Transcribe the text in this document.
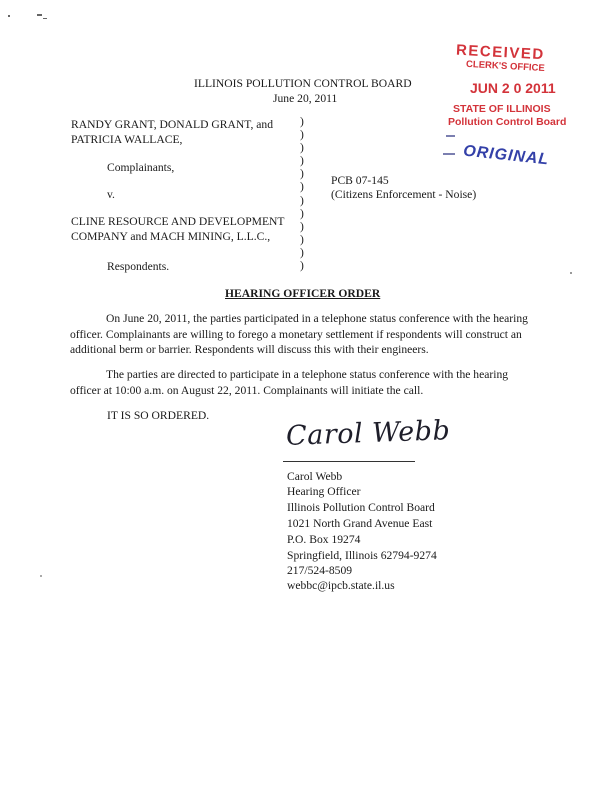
RECEIVED
CLERK'S OFFICE
JUN 2 0 2011
STATE OF ILLINOIS
Pollution Control Board
ORIGINAL
ILLINOIS POLLUTION CONTROL BOARD
June 20, 2011
RANDY GRANT, DONALD GRANT, and
PATRICIA WALLACE,
Complainants,
v.
CLINE RESOURCE AND DEVELOPMENT
COMPANY and MACH MINING, L.L.C.,
Respondents.
)
)
)
)
)
)
)
)
)
)
)
)
PCB 07-145
(Citizens Enforcement - Noise)
HEARING OFFICER ORDER
On June 20, 2011, the parties participated in a telephone status conference with the hearing officer. Complainants are willing to forego a monetary settlement if respondents will construct an additional berm or barrier. Respondents will discuss this with their engineers.
The parties are directed to participate in a telephone status conference with the hearing officer at 10:00 a.m. on August 22, 2011. Complainants will initiate the call.
IT IS SO ORDERED.	Carol Webb
Carol Webb
Hearing Officer
Illinois Pollution Control Board
1021 North Grand Avenue East
P.O. Box 19274
Springfield, Illinois 62794-9274
217/524-8509
webbc@ipcb.state.il.us
